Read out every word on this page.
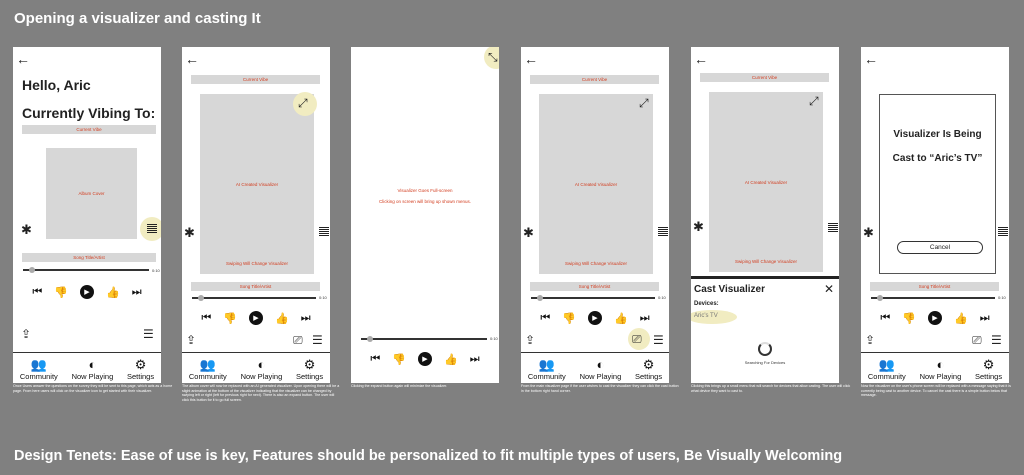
Opening a visualizer and casting It
←
Hello, Aric
Currently Vibing To:
Current Vibe
Album Cover
✱
Song Title/Artist
0:10
⏮ 👎	▶	👍 ⏭
⇪	☰
👥
Community
◐
Now Playing
⚙
Settings
Once Users answer the questions on the survey they will be sent to this page, which acts as a home page. From here users will click on the visualizer icon to get started with their visualizer.
←
Current Vibe
AI Created Visualizer
Swiping Will Change Visualizer
⤢
✱
Song Title/Artist
0:10
⏮ 👎	▶	👍 ⏭
⇪	⎚ ☰
👥
Community
◐
Now Playing
⚙
Settings
The album cover will now be replaced with an AI generated visualizer. Upon opening there will be a slight animation at the bottom of the visualizer indicating that the visualizer can be changed by swiping left or right (left for previous right for next). There is also an expand button. The user will click this button for it to go full screen.
⤡
Visualizer Goes Full-screen
Clicking on screen will bring up shown menus.
0:10
⏮ 👎	▶	👍 ⏭
Clicking the expand button again will minimize the visualizer.
←
Current Vibe
AI Created Visualizer
Swiping Will Change Visualizer
⤢
✱
Song Title/Artist
0:10
⏮ 👎	▶	👍 ⏭
⇪	⎚ ☰
👥
Community
◐
Now Playing
⚙
Settings
From the main visualizer page if the user wishes to cast the visualizer they can click the cast button in the bottom right hand corner.
←
Current Vibe
AI Created Visualizer
Swiping Will Change Visualizer
⤢
✱
Cast Visualizer	✕
Devices:
Aric's TV
Searching For Devices
Clicking this brings up a small menu that will search for devices that allow casting. The user will click what device they want to cast to.
←
Visualizer Is Being
Cast to “Aric’s TV”
Cancel
✱
Song Title/Artist
0:10
⏮ 👎	▶	👍 ⏭
⇪	⎚ ☰
👥
Community
◐
Now Playing
⚙
Settings
Now the visualizer on the user's phone screen will be replaced with a message saying that it is currently being cast to another device. To cancel the cast there is a simple button below that message.
Design Tenets: Ease of use is key, Features should be personalized to fit multiple types of users, Be Visually Welcoming
